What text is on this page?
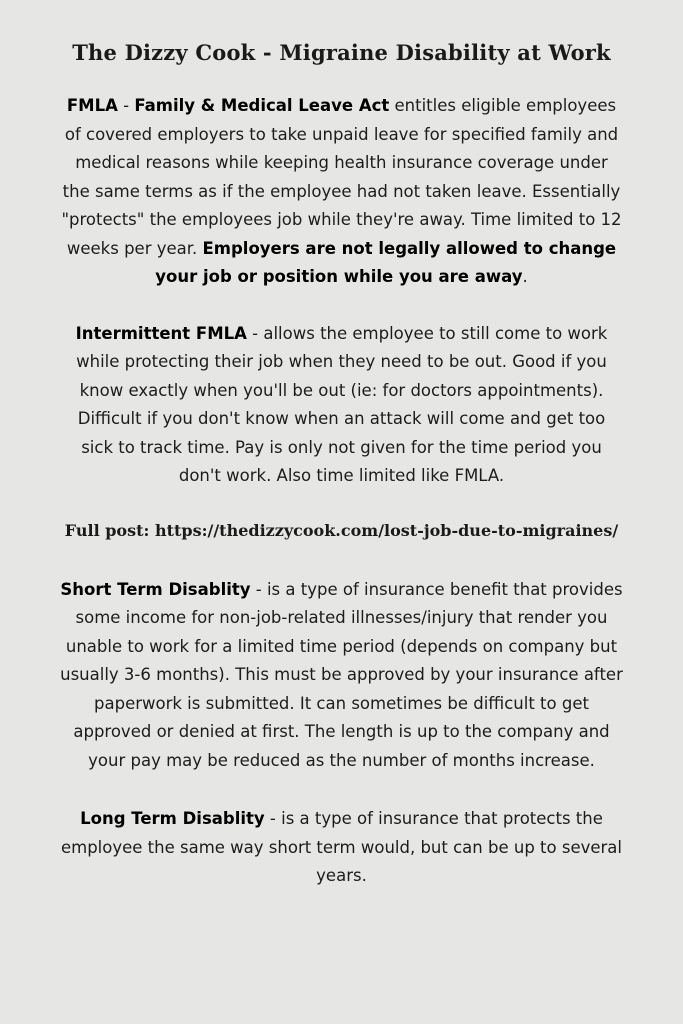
The Dizzy Cook - Migraine Disability at Work

FMLA - Family & Medical Leave Act entitles eligible employees of covered employers to take unpaid leave for specified family and medical reasons while keeping health insurance coverage under the same terms as if the employee had not taken leave. Essentially "protects" the employees job while they're away. Time limited to 12 weeks per year. Employers are not legally allowed to change your job or position while you are away.

Intermittent FMLA - allows the employee to still come to work while protecting their job when they need to be out. Good if you know exactly when you'll be out (ie: for doctors appointments). Difficult if you don't know when an attack will come and get too sick to track time. Pay is only not given for the time period you don't work. Also time limited like FMLA.

Full post: https://thedizzycook.com/lost-job-due-to-migraines/

Short Term Disablity - is a type of insurance benefit that provides some income for non-job-related illnesses/injury that render you unable to work for a limited time period (depends on company but usually 3-6 months). This must be approved by your insurance after paperwork is submitted. It can sometimes be difficult to get approved or denied at first. The length is up to the company and your pay may be reduced as the number of months increase.

Long Term Disablity - is a type of insurance that protects the employee the same way short term would, but can be up to several years.
